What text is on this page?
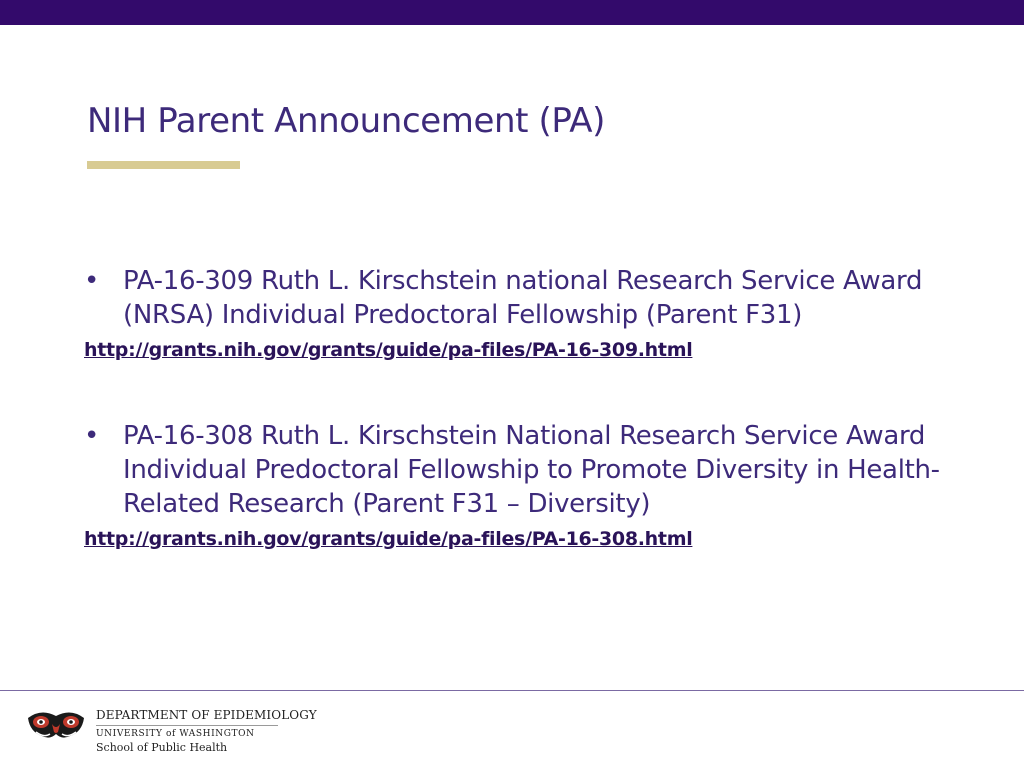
NIH Parent Announcement (PA)
• PA-16-309 Ruth L. Kirschstein national Research Service Award (NRSA) Individual Predoctoral Fellowship (Parent F31)
http://grants.nih.gov/grants/guide/pa-files/PA-16-309.html
• PA-16-308 Ruth L. Kirschstein National Research Service Award Individual Predoctoral Fellowship to Promote Diversity in Health-Related Research (Parent F31 – Diversity)
http://grants.nih.gov/grants/guide/pa-files/PA-16-308.html
DEPARTMENT OF EPIDEMIOLOGY
UNIVERSITY of WASHINGTON
School of Public Health
